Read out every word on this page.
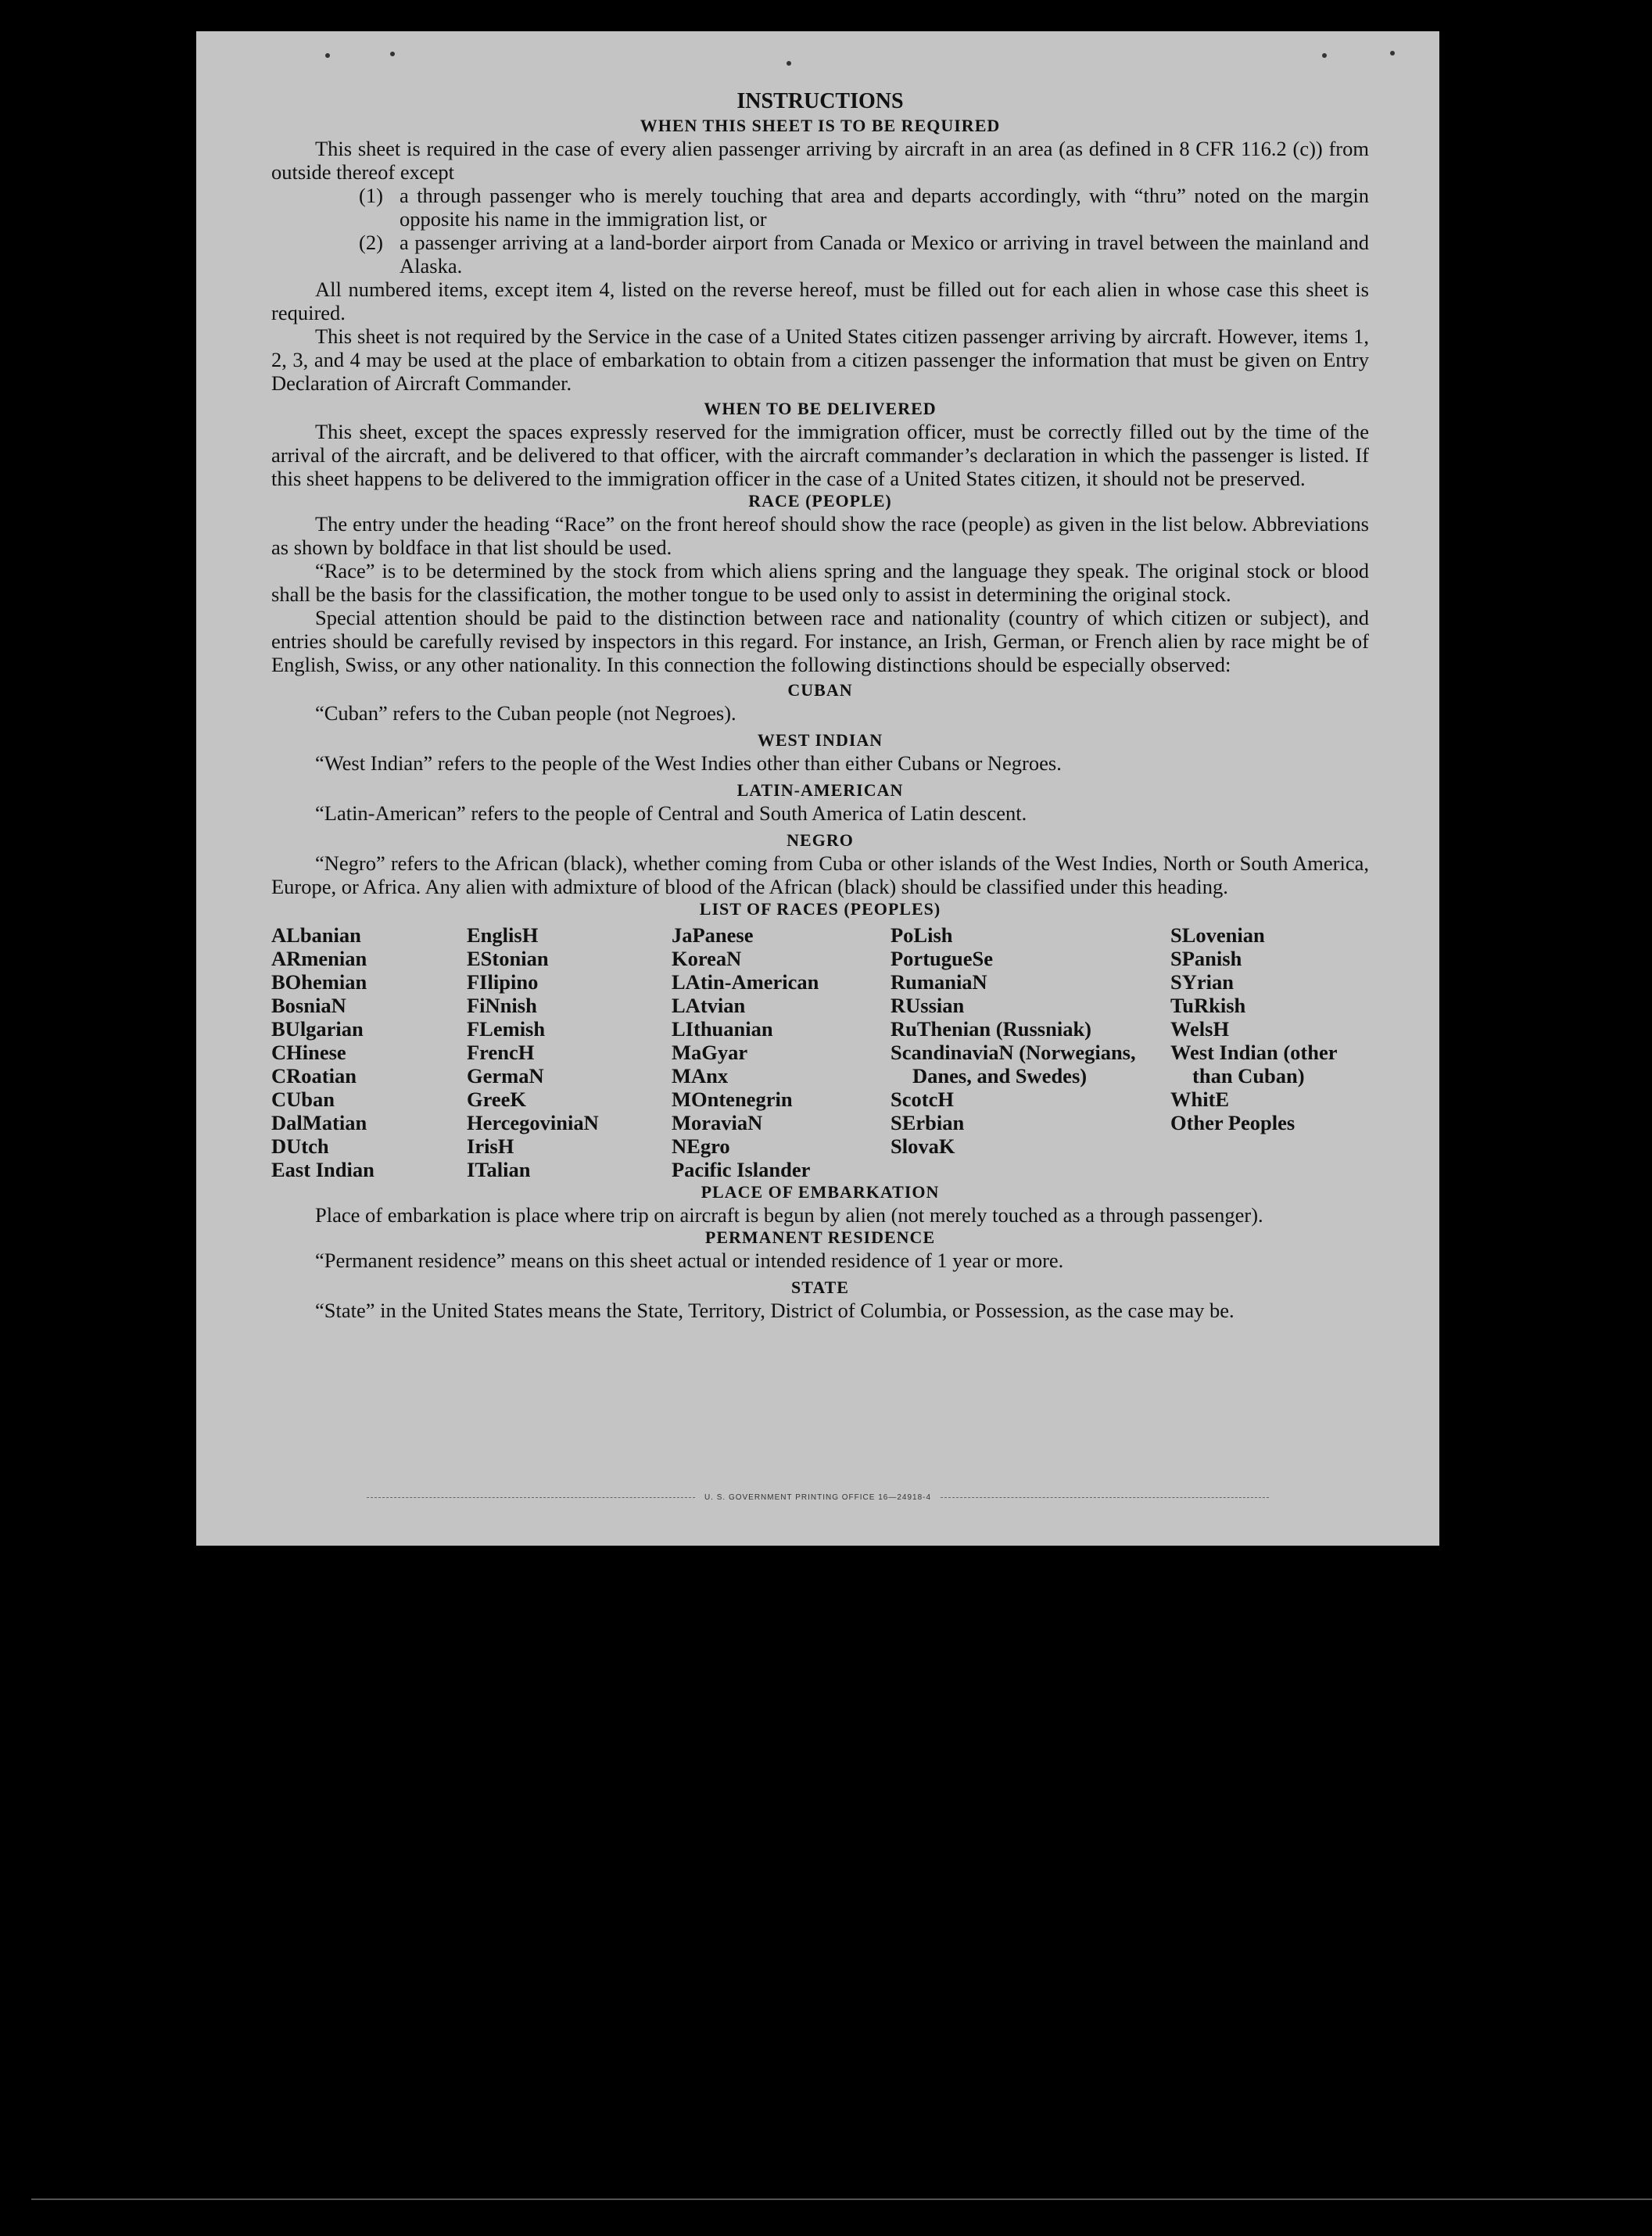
INSTRUCTIONS
WHEN THIS SHEET IS TO BE REQUIRED

This sheet is required in the case of every alien passenger arriving by aircraft in an area (as defined in 8 CFR 116.2 (c)) from outside thereof except

(1) a through passenger who is merely touching that area and departs accordingly, with “thru” noted on the margin opposite his name in the immigration list, or
(2) a passenger arriving at a land-border airport from Canada or Mexico or arriving in travel between the mainland and Alaska.

All numbered items, except item 4, listed on the reverse hereof, must be filled out for each alien in whose case this sheet is required.

This sheet is not required by the Service in the case of a United States citizen passenger arriving by aircraft. However, items 1, 2, 3, and 4 may be used at the place of embarkation to obtain from a citizen passenger the information that must be given on Entry Declaration of Aircraft Commander.

WHEN TO BE DELIVERED

This sheet, except the spaces expressly reserved for the immigration officer, must be correctly filled out by the time of the arrival of the aircraft, and be delivered to that officer, with the aircraft commander’s declaration in which the passenger is listed. If this sheet happens to be delivered to the immigration officer in the case of a United States citizen, it should not be preserved.

RACE (PEOPLE)

The entry under the heading “Race” on the front hereof should show the race (people) as given in the list below. Abbreviations as shown by boldface in that list should be used.

“Race” is to be determined by the stock from which aliens spring and the language they speak. The original stock or blood shall be the basis for the classification, the mother tongue to be used only to assist in determining the original stock.

Special attention should be paid to the distinction between race and nationality (country of which citizen or subject), and entries should be carefully revised by inspectors in this regard. For instance, an Irish, German, or French alien by race might be of English, Swiss, or any other nationality. In this connection the following distinctions should be especially observed:

CUBAN

“Cuban” refers to the Cuban people (not Negroes).

WEST INDIAN

“West Indian” refers to the people of the West Indies other than either Cubans or Negroes.

LATIN-AMERICAN

“Latin-American” refers to the people of Central and South America of Latin descent.

NEGRO

“Negro” refers to the African (black), whether coming from Cuba or other islands of the West Indies, North or South America, Europe, or Africa. Any alien with admixture of blood of the African (black) should be classified under this heading.

LIST OF RACES (PEOPLES)
ALbanian
ARmenian
BOhemian
BosniaN
BUlgarian
CHinese
CRoatian
CUban
DalMatian
DUtch
East Indian
EnglisH
EStonian
FIlipino
FiNnish
FLemish
FrencH
GermaN
GreeK
HercegoviniaN
IrisH
ITalian
JaPanese
KoreaN
LAtin-American
LAtvian
LIthuanian
MaGyar
MAnx
MOntenegrin
MoraviaN
NEgro
Pacific Islander
PoLish
PortugueSe
RumaniaN
RUssian
RuThenian (Russniak)
ScandinaviaN (Norwegians, Danes, and Swedes)
ScotcH
SErbian
SlovaK
SLovenian
SPanish
SYrian
TuRkish
WelsH
West Indian (other than Cuban)
WhitE
Other Peoples
PLACE OF EMBARKATION

Place of embarkation is place where trip on aircraft is begun by alien (not merely touched as a through passenger).

PERMANENT RESIDENCE

“Permanent residence” means on this sheet actual or intended residence of 1 year or more.

STATE

“State” in the United States means the State, Territory, District of Columbia, or Possession, as the case may be.

U. S. GOVERNMENT PRINTING OFFICE 16—24918-4
